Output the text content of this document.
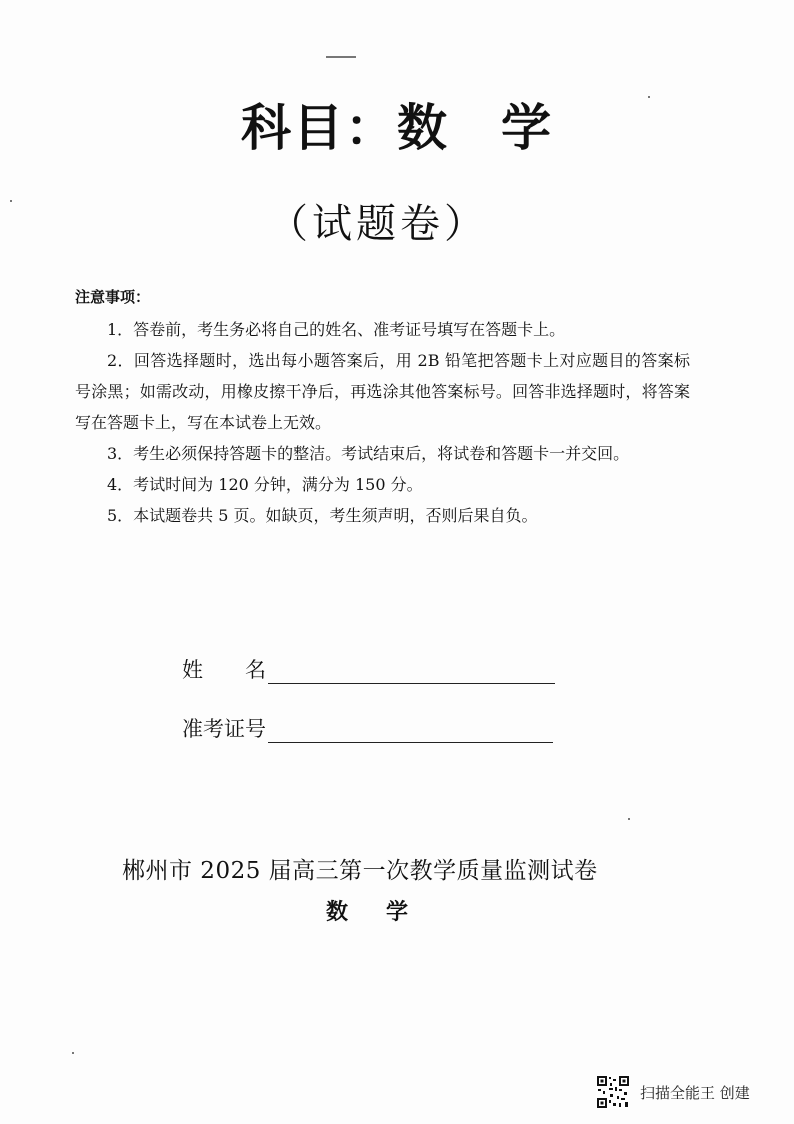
科目：数　学
（试题卷）
注意事项：

1．答卷前，考生务必将自己的姓名、准考证号填写在答题卡上。

2．回答选择题时，选出每小题答案后，用 2B 铅笔把答题卡上对应题目的答案标号涂黑；如需改动，用橡皮擦干净后，再选涂其他答案标号。回答非选择题时，将答案写在答题卡上，写在本试卷上无效。

3．考生必须保持答题卡的整洁。考试结束后，将试卷和答题卡一并交回。

4．考试时间为 120 分钟，满分为 150 分。

5．本试题卷共 5 页。如缺页，考生须声明，否则后果自负。

姓　　名
准考证号
郴州市 2025 届高三第一次教学质量监测试卷
数学
扫描全能王 创建
